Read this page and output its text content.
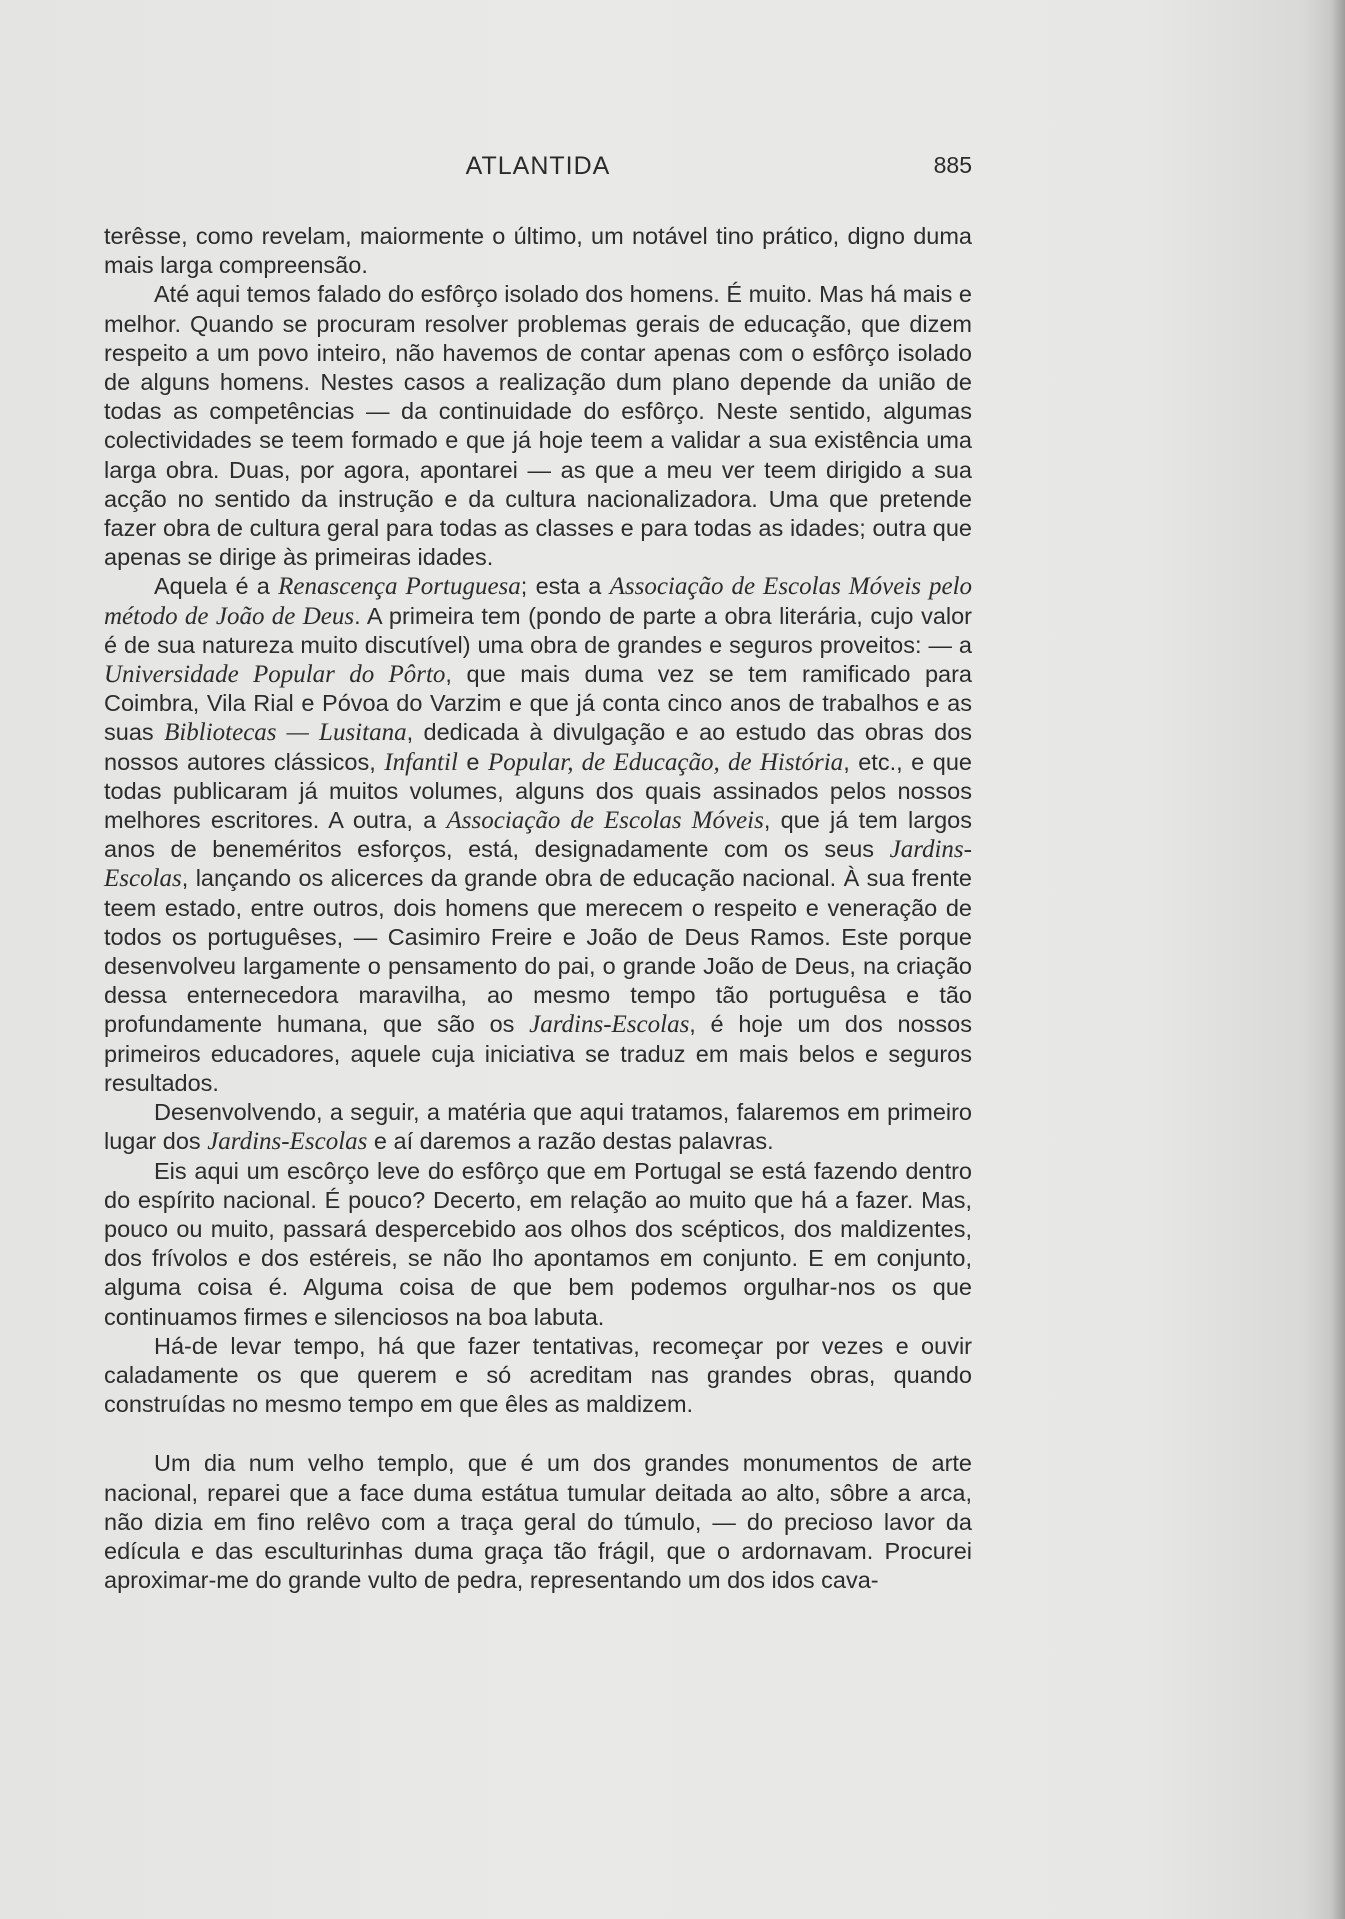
ATLANTIDA	885

terêsse, como revelam, maiormente o último, um notável tino prático, digno duma mais larga compreensão.

Até aqui temos falado do esfôrço isolado dos homens. É muito. Mas há mais e melhor. Quando se procuram resolver problemas gerais de educação, que dizem respeito a um povo inteiro, não havemos de contar apenas com o esfôrço isolado de alguns homens. Nestes casos a realização dum plano depende da união de todas as competências — da continuidade do esfôrço. Neste sentido, algumas colectividades se teem formado e que já hoje teem a validar a sua existência uma larga obra. Duas, por agora, apontarei — as que a meu ver teem dirigido a sua acção no sentido da instrução e da cultura nacionalizadora. Uma que pretende fazer obra de cultura geral para todas as classes e para todas as idades; outra que apenas se dirige às primeiras idades.

Aquela é a Renascença Portuguesa; esta a Associação de Escolas Móveis pelo método de João de Deus. A primeira tem (pondo de parte a obra literária, cujo valor é de sua natureza muito discutível) uma obra de grandes e seguros proveitos: — a Universidade Popular do Pôrto, que mais duma vez se tem ramificado para Coimbra, Vila Rial e Póvoa do Varzim e que já conta cinco anos de trabalhos e as suas Bibliotecas — Lusitana, dedicada à divulgação e ao estudo das obras dos nossos autores clássicos, Infantil e Popular, de Educação, de História, etc., e que todas publicaram já muitos volumes, alguns dos quais assinados pelos nossos melhores escritores. A outra, a Associação de Escolas Móveis, que já tem largos anos de beneméritos esforços, está, designadamente com os seus Jardins-Escolas, lançando os alicerces da grande obra de educação nacional. À sua frente teem estado, entre outros, dois homens que merecem o respeito e veneração de todos os portuguêses, — Casimiro Freire e João de Deus Ramos. Este porque desenvolveu largamente o pensamento do pai, o grande João de Deus, na criação dessa enternecedora maravilha, ao mesmo tempo tão portuguêsa e tão profundamente humana, que são os Jardins-Escolas, é hoje um dos nossos primeiros educadores, aquele cuja iniciativa se traduz em mais belos e seguros resultados.

Desenvolvendo, a seguir, a matéria que aqui tratamos, falaremos em primeiro lugar dos Jardins-Escolas e aí daremos a razão destas palavras.

Eis aqui um escôrço leve do esfôrço que em Portugal se está fazendo dentro do espírito nacional. É pouco? Decerto, em relação ao muito que há a fazer. Mas, pouco ou muito, passará despercebido aos olhos dos scépticos, dos maldizentes, dos frívolos e dos estéreis, se não lho apontamos em conjunto. E em conjunto, alguma coisa é. Alguma coisa de que bem podemos orgulhar-nos os que continuamos firmes e silenciosos na boa labuta.

Há-de levar tempo, há que fazer tentativas, recomeçar por vezes e ouvir caladamente os que querem e só acreditam nas grandes obras, quando construídas no mesmo tempo em que êles as maldizem.

Um dia num velho templo, que é um dos grandes monumentos de arte nacional, reparei que a face duma estátua tumular deitada ao alto, sôbre a arca, não dizia em fino relêvo com a traça geral do túmulo, — do precioso lavor da edícula e das esculturinhas duma graça tão frágil, que o ardornavam. Procurei aproximar-me do grande vulto de pedra, representando um dos idos cava-
